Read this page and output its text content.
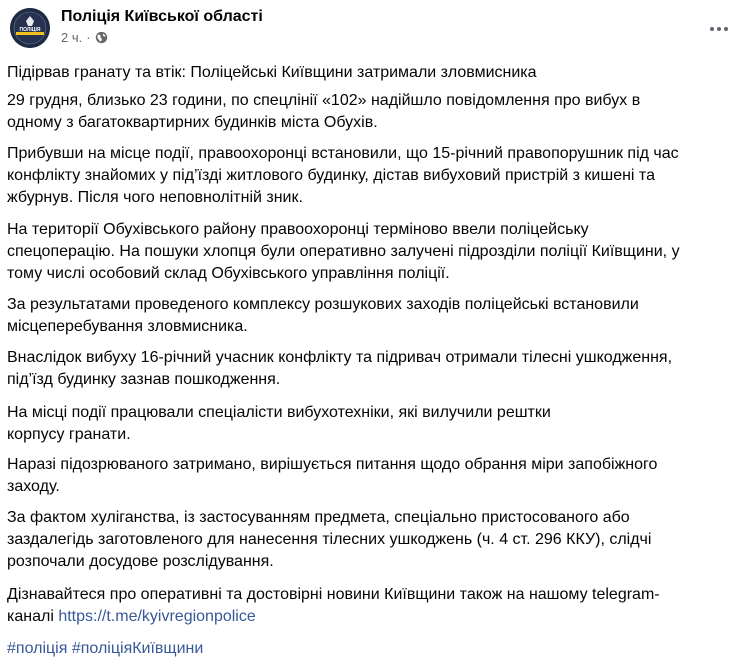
ПОЛІЦІЯ
Поліція Київської області
2 ч. ·

Підірвав гранату та втік: Поліцейські Київщини затримали зловмисника

29 грудня, близько 23 години, по спецлінії «102» надійшло повідомлення про вибух в
одному з багатоквартирних будинків міста Обухів.

Прибувши на місце події, правоохоронці встановили, що 15-річний правопорушник під час
конфлікту знайомих у під’їзді житлового будинку, дістав вибуховий пристрій з кишені та
жбурнув. Після чого неповнолітній зник.

На території Обухівського району правоохоронці терміново ввели поліцейську
спецоперацію. На пошуки хлопця були оперативно залучені підрозділи поліції Київщини, у
тому числі особовий склад Обухівського управління поліції.

За результатами проведеного комплексу розшукових заходів поліцейські встановили
місцеперебування зловмисника.

Внаслідок вибуху 16-річний учасник конфлікту та підривач отримали тілесні ушкодження,
під’їзд будинку зазнав пошкодження.

На місці події працювали спеціалісти вибухотехніки, які вилучили рештки
корпусу гранати.

Наразі підозрюваного затримано, вирішується питання щодо обрання міри запобіжного
заходу.

За фактом хуліганства, із застосуванням предмета, спеціально пристосованого або
заздалегідь заготовленого для нанесення тілесних ушкоджень (ч. 4 ст. 296 ККУ), слідчі
розпочали досудове розслідування.

Дізнавайтеся про оперативні та достовірні новини Київщини також на нашому telegram-
каналі https://t.me/kyivregionpolice

#поліція #поліціяКиївщини
